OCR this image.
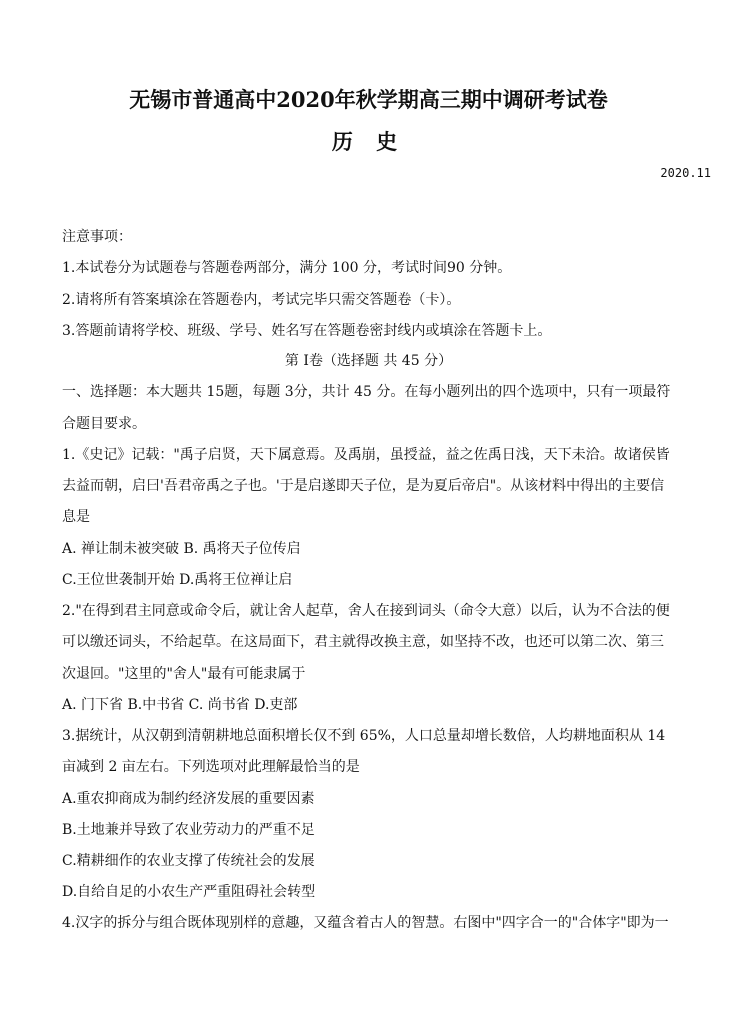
无锡市普通高中2020年秋学期高三期中调研考试卷
历 史
2020.11
注意事项：
1.本试卷分为试题卷与答题卷两部分，满分 100 分，考试时间90 分钟。
2.请将所有答案填涂在答题卷内，考试完毕只需交答题卷（卡）。
3.答题前请将学校、班级、学号、姓名写在答题卷密封线内或填涂在答题卡上。
第 I卷（选择题 共 45 分）
一、选择题：本大题共 15题，每题 3分，共计 45 分。在每小题列出的四个选项中，只有一项最符
合题目要求。
1.《史记》记载："禹子启贤，天下属意焉。及禹崩，虽授益，益之佐禹日浅，天下未洽。故诸侯皆
去益而朝，启曰'吾君帝禹之子也。'于是启遂即天子位，是为夏后帝启"。从该材料中得出的主要信
息是
A. 禅让制未被突破 B. 禹将天子位传启
C.王位世袭制开始 D.禹将王位禅让启
2."在得到君主同意或命令后，就让舍人起草，舍人在接到词头（命令大意）以后，认为不合法的便
可以缴还词头，不给起草。在这局面下，君主就得改换主意，如坚持不改，也还可以第二次、第三
次退回。"这里的"舍人"最有可能隶属于
A. 门下省 B.中书省 C. 尚书省 D.吏部
3.据统计，从汉朝到清朝耕地总面积增长仅不到 65%，人口总量却增长数倍，人均耕地面积从 14
亩减到 2 亩左右。下列选项对此理解最恰当的是
A.重农抑商成为制约经济发展的重要因素
B.土地兼并导致了农业劳动力的严重不足
C.精耕细作的农业支撑了传统社会的发展
D.自给自足的小农生产严重阻碍社会转型
4.汉字的拆分与组合既体现别样的意趣，又蕴含着古人的智慧。右图中"四字合一的"合体字"即为一
